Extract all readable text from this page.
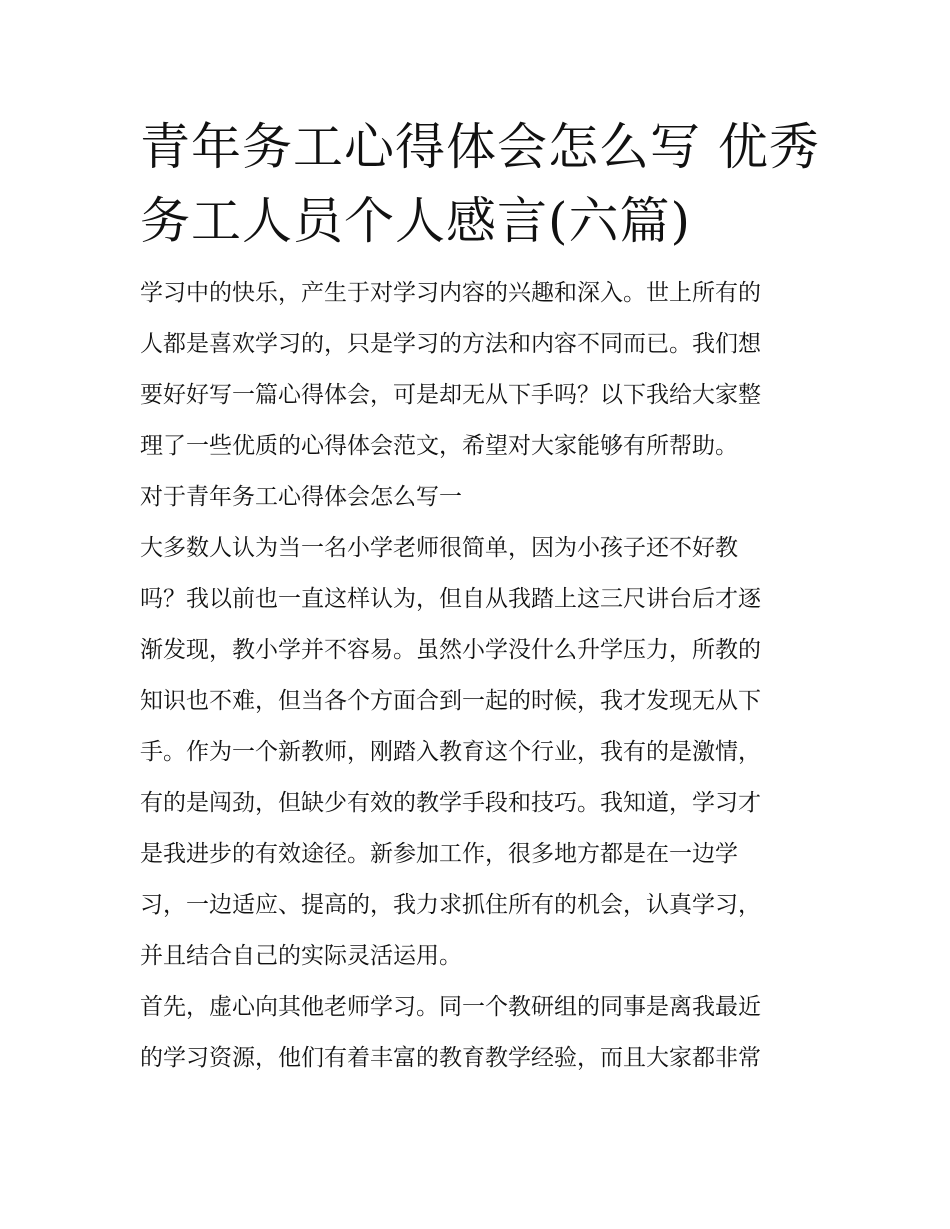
青年务工心得体会怎么写 优秀
务工人员个人感言(六篇)

学习中的快乐，产生于对学习内容的兴趣和深入。世上所有的
人都是喜欢学习的，只是学习的方法和内容不同而已。我们想
要好好写一篇心得体会，可是却无从下手吗？以下我给大家整
理了一些优质的心得体会范文，希望对大家能够有所帮助。

对于青年务工心得体会怎么写一

大多数人认为当一名小学老师很简单，因为小孩子还不好教
吗？我以前也一直这样认为，但自从我踏上这三尺讲台后才逐
渐发现，教小学并不容易。虽然小学没什么升学压力，所教的
知识也不难，但当各个方面合到一起的时候，我才发现无从下
手。作为一个新教师，刚踏入教育这个行业，我有的是激情，
有的是闯劲，但缺少有效的教学手段和技巧。我知道，学习才
是我进步的有效途径。新参加工作，很多地方都是在一边学
习，一边适应、提高的，我力求抓住所有的机会，认真学习，
并且结合自己的实际灵活运用。

首先，虚心向其他老师学习。同一个教研组的同事是离我最近
的学习资源，他们有着丰富的教育教学经验，而且大家都非常
